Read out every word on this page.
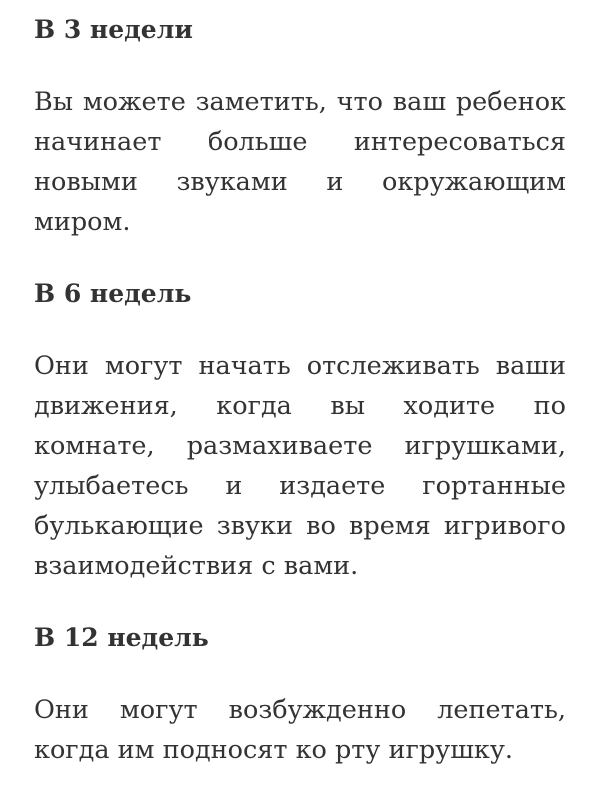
В 3 недели

Вы можете заметить, что ваш ребенок начинает больше интересоваться новыми звуками и окружающим миром.

В 6 недель

Они могут начать отслеживать ваши движения, когда вы ходите по комнате, размахиваете игрушками, улыбаетесь и издаете гортанные булькающие звуки во время игривого взаимодействия с вами.

В 12 недель

Они могут возбужденно лепетать, когда им подносят ко рту игрушку.
